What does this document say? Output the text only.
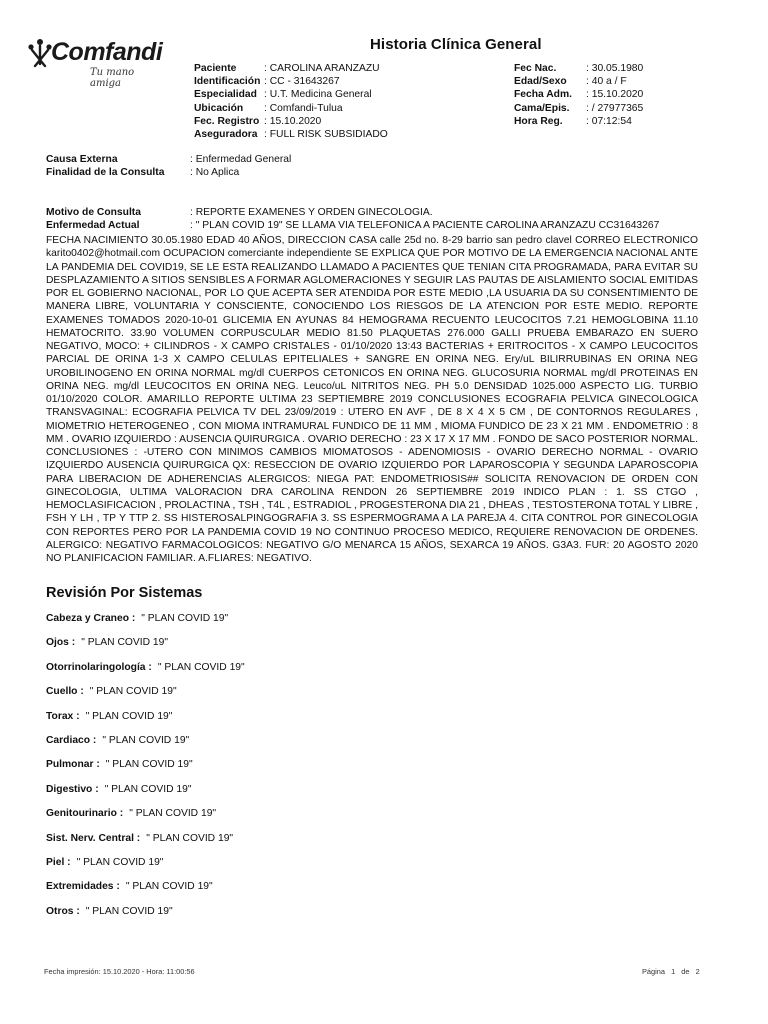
Comfandi
Tu mano amiga
Historia Clínica General
Paciente	: CAROLINA ARANZAZU
Identificación : CC - 31643267
Especialidad : U.T. Medicina General
Ubicación	: Comfandi-Tulua
Fec. Registro : 15.10.2020
Aseguradora : FULL RISK SUBSIDIADO
Fec Nac.	: 30.05.1980
Edad/Sexo	: 40 a / F
Fecha Adm.	: 15.10.2020
Cama/Epis.	: / 27977365
Hora Reg.	: 07:12:54
Causa Externa	: Enfermedad General
Finalidad de la Consulta	: No Aplica
Motivo de Consulta	: REPORTE EXAMENES Y ORDEN GINECOLOGIA.
Enfermedad Actual	: " PLAN COVID 19" SE LLAMA VIA TELEFONICA A PACIENTE CAROLINA ARANZAZU CC31643267
FECHA NACIMIENTO 30.05.1980 EDAD 40 AÑOS, DIRECCION CASA calle 25d no. 8-29 barrio san pedro clavel CORREO ELECTRONICO karito0402@hotmail.com OCUPACION comerciante independiente SE EXPLICA QUE POR MOTIVO DE LA EMERGENCIA NACIONAL ANTE LA PANDEMIA DEL COVID19, SE LE ESTA REALIZANDO LLAMADO A PACIENTES QUE TENIAN CITA PROGRAMADA, PARA EVITAR SU DESPLAZAMIENTO A SITIOS SENSIBLES A FORMAR AGLOMERACIONES Y SEGUIR LAS PAUTAS DE AISLAMIENTO SOCIAL EMITIDAS POR EL GOBIERNO NACIONAL, POR LO QUE ACEPTA SER ATENDIDA POR ESTE MEDIO ,LA USUARIA DA SU CONSENTIMIENTO DE MANERA LIBRE, VOLUNTARIA Y CONSCIENTE, CONOCIENDO LOS RIESGOS DE LA ATENCION POR ESTE MEDIO. REPORTE EXAMENES TOMADOS 2020-10-01 GLICEMIA EN AYUNAS 84 HEMOGRAMA RECUENTO LEUCOCITOS 7.21 HEMOGLOBINA 11.10 HEMATOCRITO. 33.90 VOLUMEN CORPUSCULAR MEDIO 81.50 PLAQUETAS 276.000 GALLI PRUEBA EMBARAZO EN SUERO NEGATIVO, MOCO: + CILINDROS - X CAMPO CRISTALES - 01/10/2020 13:43 BACTERIAS + ERITROCITOS - X CAMPO LEUCOCITOS PARCIAL DE ORINA 1-3 X CAMPO CELULAS EPITELIALES + SANGRE EN ORINA NEG. Ery/uL BILIRRUBINAS EN ORINA NEG UROBILINOGENO EN ORINA NORMAL mg/dl CUERPOS CETONICOS EN ORINA NEG. GLUCOSURIA NORMAL mg/dl PROTEINAS EN ORINA NEG. mg/dl LEUCOCITOS EN ORINA NEG. Leuco/uL NITRITOS NEG. PH 5.0 DENSIDAD 1025.000 ASPECTO LIG. TURBIO 01/10/2020 COLOR. AMARILLO REPORTE ULTIMA 23 SEPTIEMBRE 2019 CONCLUSIONES ECOGRAFIA PELVICA GINECOLOGICA TRANSVAGINAL: ECOGRAFIA PELVICA TV DEL 23/09/2019 : UTERO EN AVF , DE 8 X 4 X 5 CM , DE CONTORNOS REGULARES , MIOMETRIO HETEROGENEO , CON MIOMA INTRAMURAL FUNDICO DE 11 MM , MIOMA FUNDICO DE 23 X 21 MM . ENDOMETRIO : 8 MM . OVARIO IZQUIERDO : AUSENCIA QUIRURGICA . OVARIO DERECHO : 23 X 17 X 17 MM . FONDO DE SACO POSTERIOR NORMAL. CONCLUSIONES : -UTERO CON MINIMOS CAMBIOS MIOMATOSOS - ADENOMIOSIS - OVARIO DERECHO NORMAL - OVARIO IZQUIERDO AUSENCIA QUIRURGICA QX: RESECCION DE OVARIO IZQUIERDO POR LAPAROSCOPIA Y SEGUNDA LAPAROSCOPIA PARA LIBERACION DE ADHERENCIAS ALERGICOS: NIEGA PAT: ENDOMETRIOSIS## SOLICITA RENOVACION DE ORDEN CON GINECOLOGIA, ULTIMA VALORACION DRA CAROLINA RENDON 26 SEPTIEMBRE 2019 INDICO PLAN : 1. SS CTGO , HEMOCLASIFICACION , PROLACTINA , TSH , T4L , ESTRADIOL , PROGESTERONA DIA 21 , DHEAS , TESTOSTERONA TOTAL Y LIBRE , FSH Y LH , TP Y TTP 2. SS HISTEROSALPINGOGRAFIA 3. SS ESPERMOGRAMA A LA PAREJA 4. CITA CONTROL POR GINECOLOGIA CON REPORTES PERO POR LA PANDEMIA COVID 19 NO CONTINUO PROCESO MEDICO, REQUIERE RENOVACION DE ORDENES. ALERGICO: NEGATIVO FARMACOLOGICOS: NEGATIVO G/O MENARCA 15 AÑOS, SEXARCA 19 AÑOS. G3A3. FUR: 20 AGOSTO 2020 NO PLANIFICACION FAMILIAR. A.FLIARES: NEGATIVO.
Revisión Por Sistemas
Cabeza y Craneo : " PLAN COVID 19"
Ojos : " PLAN COVID 19"
Otorrinolaringología : " PLAN COVID 19"
Cuello : " PLAN COVID 19"
Torax : " PLAN COVID 19"
Cardiaco : " PLAN COVID 19"
Pulmonar : " PLAN COVID 19"
Digestivo : " PLAN COVID 19"
Genitourinario : " PLAN COVID 19"
Sist. Nerv. Central : " PLAN COVID 19"
Piel : " PLAN COVID 19"
Extremidades : " PLAN COVID 19"
Otros : " PLAN COVID 19"
Fecha impresión: 15.10.2020 - Hora: 11:00:56	Página 1 de 2
